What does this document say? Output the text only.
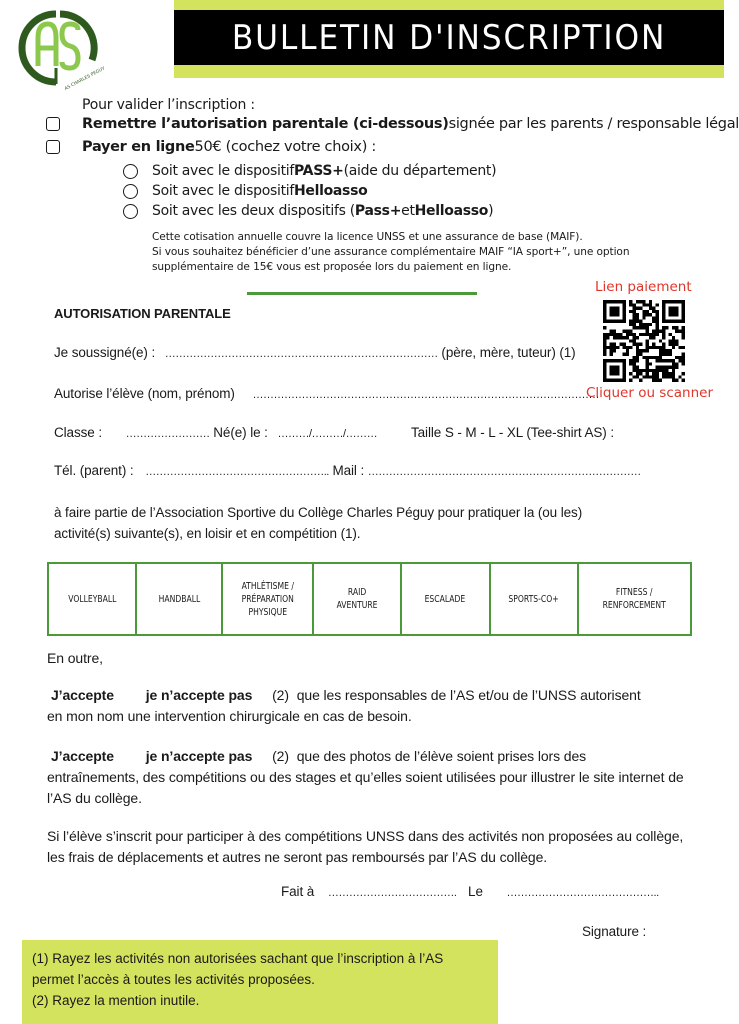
AS CHARLES PEGUY
BULLETIN D'INSCRIPTION
Pour valider l’inscription :
Remettre l’autorisation parentale (ci-dessous) signée par les parents / responsable légal
Payer en ligne 50€ (cochez votre choix) :
Soit avec le dispositif PASS+ (aide du département)
Soit avec le dispositif Helloasso
Soit avec les deux dispositifs ( Pass+ et Helloasso )
Cette cotisation annuelle couvre la licence UNSS et une assurance de base (MAIF).
Si vous souhaitez bénéficier d’une assurance complémentaire MAIF “IA sport+”, une option
supplémentaire de 15€ vous est proposée lors du paiement en ligne.
Lien paiement
Cliquer ou scanner
AUTORISATION PARENTALE
Je soussigné(e) : …………………………………………………………………… (père, mère, tuteur) (1)
Autorise l’élève (nom, prénom) ………………………………………………………………………………………
Classe : …………………… Né(e) le : ………/………/………	Taille S - M - L - XL (Tee-shirt AS) :
Tél. (parent) : …………………………………………….. Mail : ……………………………………………………………………
à faire partie de l’Association Sportive du Collège Charles Péguy pour pratiquer la (ou les)
activité(s) suivante(s), en loisir et en compétition (1).
VOLLEYBALL	HANDBALL

ATHLÉTISME /
PRÉPARATION
PHYSIQUE

RAID
AVENTURE

ESCALADE	SPORTS-CO+

FITNESS /
RENFORCEMENT
En outre,
J’accepte je n’accepte pas (2) que les responsables de l’AS et/ou de l’UNSS autorisent
en mon nom une intervention chirurgicale en cas de besoin.
J’accepte je n’accepte pas (2) que des photos de l’élève soient prises lors des
entraînements, des compétitions ou des stages et qu’elles soient utilisées pour illustrer le site internet de l’AS du collège.
Si l’élève s’inscrit pour participer à des compétitions UNSS dans des activités non proposées au collège, les frais de déplacements et autres ne seront pas remboursés par l’AS du collège.
Fait à ………………………………. Le ……………………………………..
Signature :
(1) Rayez les activités non autorisées sachant que l’inscription à l’AS permet l’accès à toutes les activités proposées.
(2) Rayez la mention inutile.
